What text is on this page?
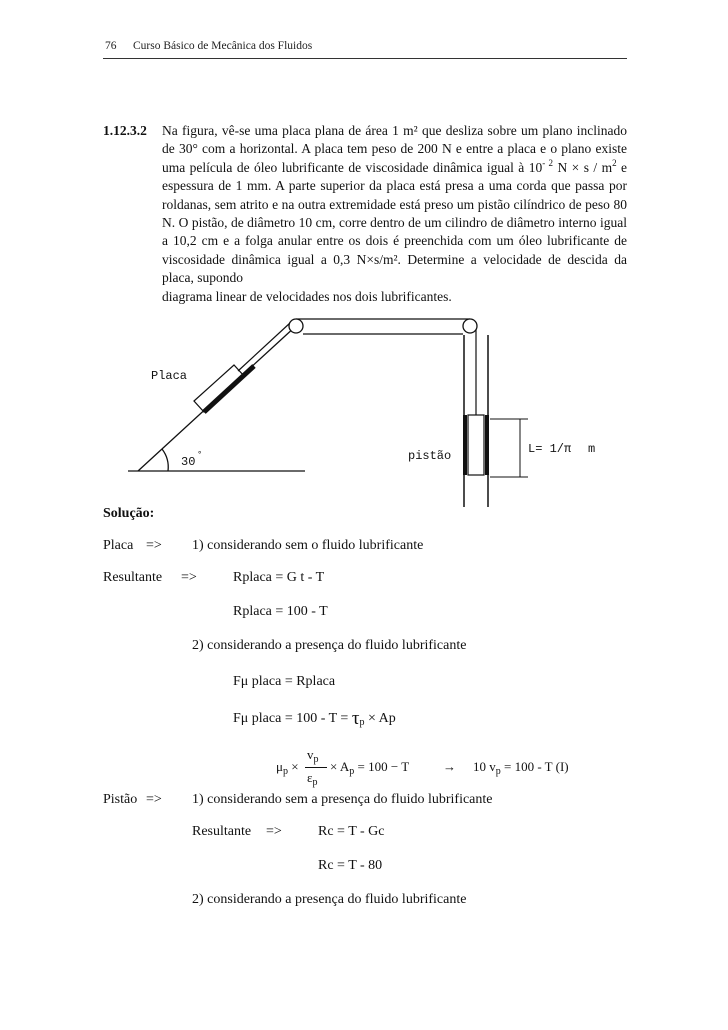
76 Curso Básico de Mecânica dos Fluidos
1.12.3.2 Na figura, vê-se uma placa plana de área 1 m² que desliza sobre um plano inclinado de 30° com a horizontal. A placa tem peso de 200 N e entre a placa e o plano existe uma película de óleo lubrificante de viscosidade dinâmica igual à $10^{- 2}$ $N \times s / m^2$ e espessura de 1 mm. A parte superior da placa está presa a uma corda que passa por roldanas, sem atrito e na outra extremidade está preso um pistão cilíndrico de peso 80 N. O pistão, de diâmetro 10 cm, corre dentro de um cilindro de diâmetro interno igual a 10,2 cm e a folga anular entre os dois é preenchida com um óleo lubrificante de viscosidade dinâmica igual a 0,3 N×s/m². Determine a velocidade de descida da placa, supondo

diagrama linear de velocidades nos dois lubrificantes.

Placa
30 °	pistão	L= 1/π m
Solução:
Placa => 1) considerando sem o fluido lubrificante
Resultante =>	Rplaca = G t - T
Rplaca = 100 - T
2) considerando a presença do fluido lubrificante
Fμ placa = Rplaca
Fμ placa = $100 - T = \tau_p \times Ap$
$v_p$
$\varepsilon_p$
$\mu_p$ × × $A_p = 100 - T$	→ 10 $v_p = 100 - T$ (I)
Pistão => 1) considerando sem a presença do fluido lubrificante
Resultante =>	Rc = T - Gc
Rc = T - 80
2) considerando a presença do fluido lubrificante
